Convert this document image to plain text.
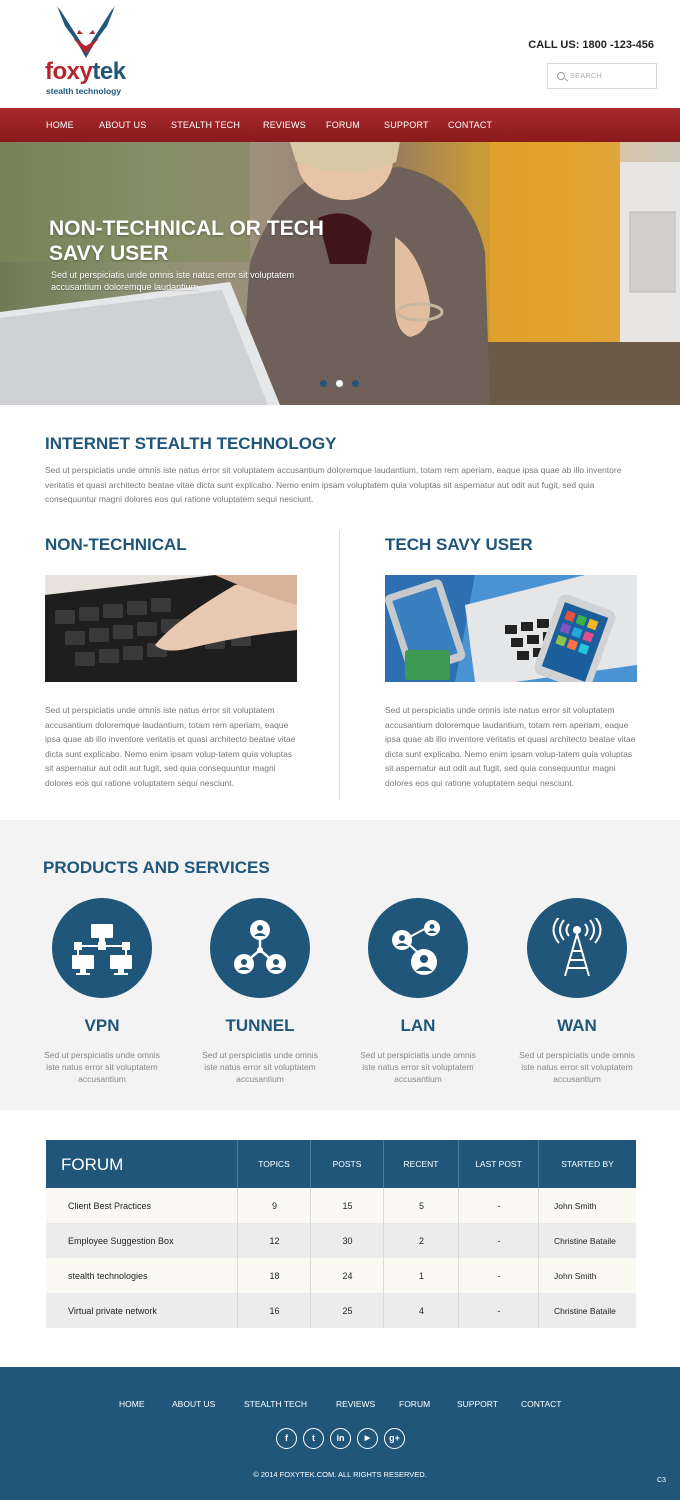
foxytek
stealth technology
CALL US: 1800 -123-456
SEARCH
HOME	ABOUT US	STEALTH TECH	REVIEWS FORUM	SUPPORT CONTACT
NON-TECHNICAL OR TECH SAVY USER
Sed ut perspiciatis unde omnis iste natus error sit voluptatem accusantium doloremque laudantium,
INTERNET STEALTH TECHNOLOGY
Sed ut perspiciatis unde omnis iste natus error sit voluptatem accusantium doloremque laudantium, totam rem aperiam, eaque ipsa quae ab illo inventore veritatis et quasi architecto beatae vitae dicta sunt explicabo. Nemo enim ipsam voluptatem quia voluptas sit aspernatur aut odit aut fugit, sed quia consequuntur magni dolores eos qui ratione voluptatem sequi nesciunt.
NON-TECHNICAL
Sed ut perspiciatis unde omnis iste natus error sit voluptatem accusantium doloremque laudantium, totam rem aperiam, eaque ipsa quae ab illo inventore veritatis et quasi architecto beatae vitae dicta sunt explicabo. Nemo enim ipsam volup-tatem quia voluptas sit aspernatur aut odit aut fugit, sed quia consequuntur magni dolores eos qui ratione voluptatem sequi nesciunt.
TECH SAVY USER
Sed ut perspiciatis unde omnis iste natus error sit voluptatem accusantium doloremque laudantium, totam rem aperiam, eaque ipsa quae ab illo inventore veritatis et quasi architecto beatae vitae dicta sunt explicabo. Nemo enim ipsam volup-tatem quia voluptas sit aspernatur aut odit aut fugit, sed quia consequuntur magni dolores eos qui ratione voluptatem sequi nesciunt.
PRODUCTS AND SERVICES
VPN
Sed ut perspiciatis unde omnis iste natus error sit voluptatem accusantium
TUNNEL
Sed ut perspiciatis unde omnis iste natus error sit voluptatem accusantium
LAN
Sed ut perspiciatis unde omnis iste natus error sit voluptatem accusantium
WAN
Sed ut perspiciatis unde omnis iste natus error sit voluptatem accusantium
FORUM	TOPICS	POSTS	RECENT	LAST POST	STARTED BY
Client Best Practices	9	15	5	-	John Smith
Employee Suggestion Box	12	30	2	-	Christine Bataile
stealth technologies	18	24	1	-	John Smith
Virtual private network	16	25	4	-	Christine Bataile
HOME	ABOUT US	STEALTH TECH	REVIEWS	FORUM	SUPPORT	CONTACT
f	t	in	▶	g+
© 2014 FOXYTEK.COM. ALL RIGHTS RESERVED.
C3
